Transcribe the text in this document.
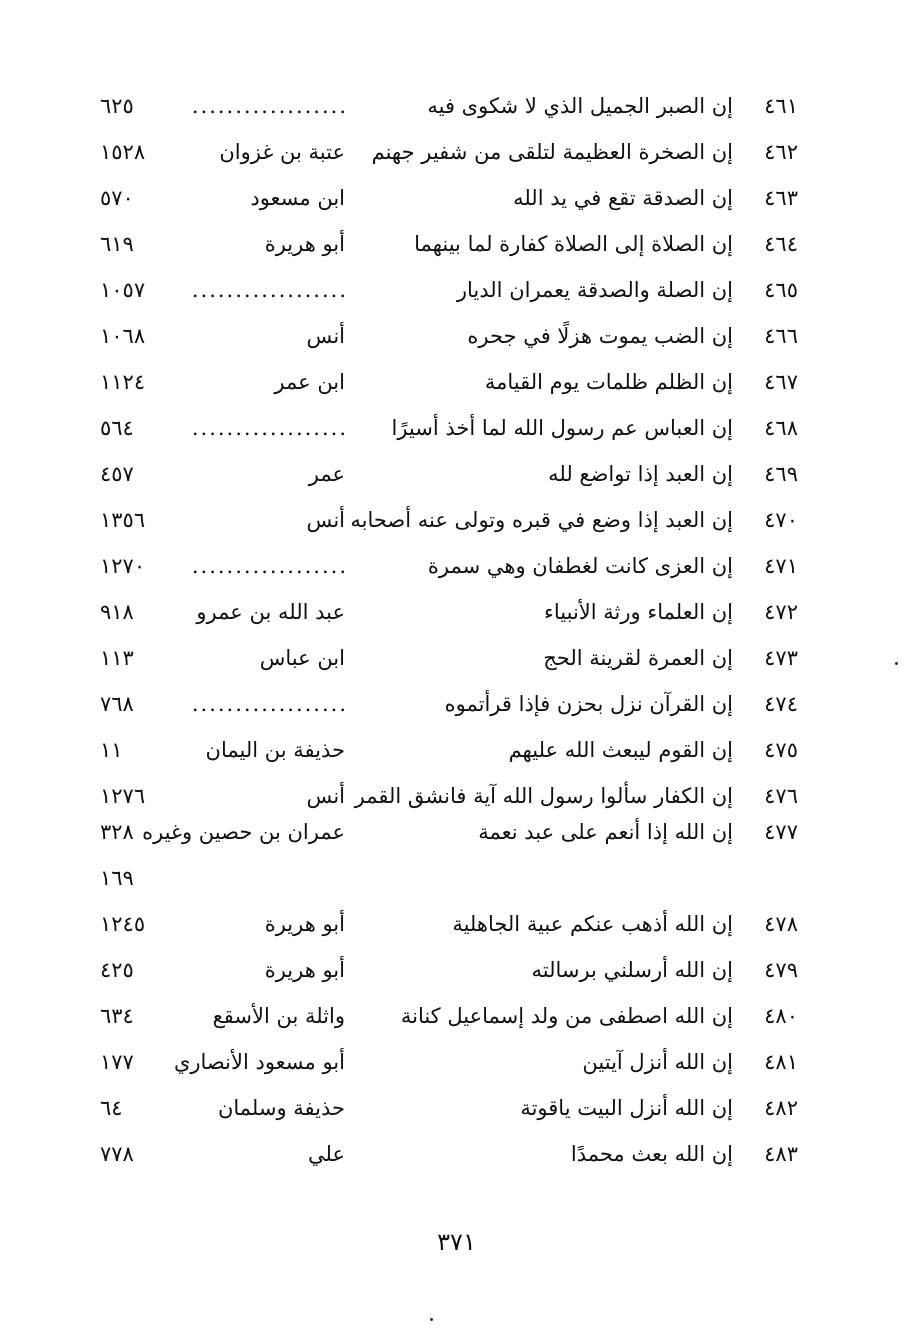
٤٦١
إن الصبر الجميل الذي لا شكوى فيه
..................
٦٢٥
٤٦٢
إن الصخرة العظيمة لتلقى من شفير جهنم
عتبة بن غزوان
١٥٢٨
٤٦٣
إن الصدقة تقع في يد الله
ابن مسعود
٥٧٠
٤٦٤
إن الصلاة إلى الصلاة كفارة لما بينهما
أبو هريرة
٦١٩
٤٦٥
إن الصلة والصدقة يعمران الديار
..................
١٠٥٧
٤٦٦
إن الضب يموت هزلًا في جحره
أنس
١٠٦٨
٤٦٧
إن الظلم ظلمات يوم القيامة
ابن عمر
١١٢٤
٤٦٨
إن العباس عم رسول الله لما أخذ أسيرًا
..................
٥٦٤
٤٦٩
إن العبد إذا تواضع لله
عمر
٤٥٧
٤٧٠
إن العبد إذا وضع في قبره وتولى عنه أصحابه
أنس
١٣٥٦
٤٧١
إن العزى كانت لغطفان وهي سمرة
..................
١٢٧٠
٤٧٢
إن العلماء ورثة الأنبياء
عبد الله بن عمرو
٩١٨
٤٧٣
إن العمرة لقرينة الحج
ابن عباس
١١٣
٤٧٤
إن القرآن نزل بحزن فإذا قرأتموه
..................
٧٦٨
٤٧٥
إن القوم ليبعث الله عليهم
حذيفة بن اليمان
١١
٤٧٦
إن الكفار سألوا رسول الله آية فانشق القمر
أنس
١٢٧٦
٤٧٧
إن الله إذا أنعم على عبد نعمة
عمران بن حصين وغيره
٣٢٨
١٦٩
٤٧٨
إن الله أذهب عنكم عبية الجاهلية
أبو هريرة
١٢٤٥
٤٧٩
إن الله أرسلني برسالته
أبو هريرة
٤٢٥
٤٨٠
إن الله اصطفى من ولد إسماعيل كنانة
واثلة بن الأسقع
٦٣٤
٤٨١
إن الله أنزل آيتين
أبو مسعود الأنصاري
١٧٧
٤٨٢
إن الله أنزل البيت ياقوتة
حذيفة وسلمان
٦٤
٤٨٣
إن الله بعث محمدًا
علي
٧٧٨
٣٧١
